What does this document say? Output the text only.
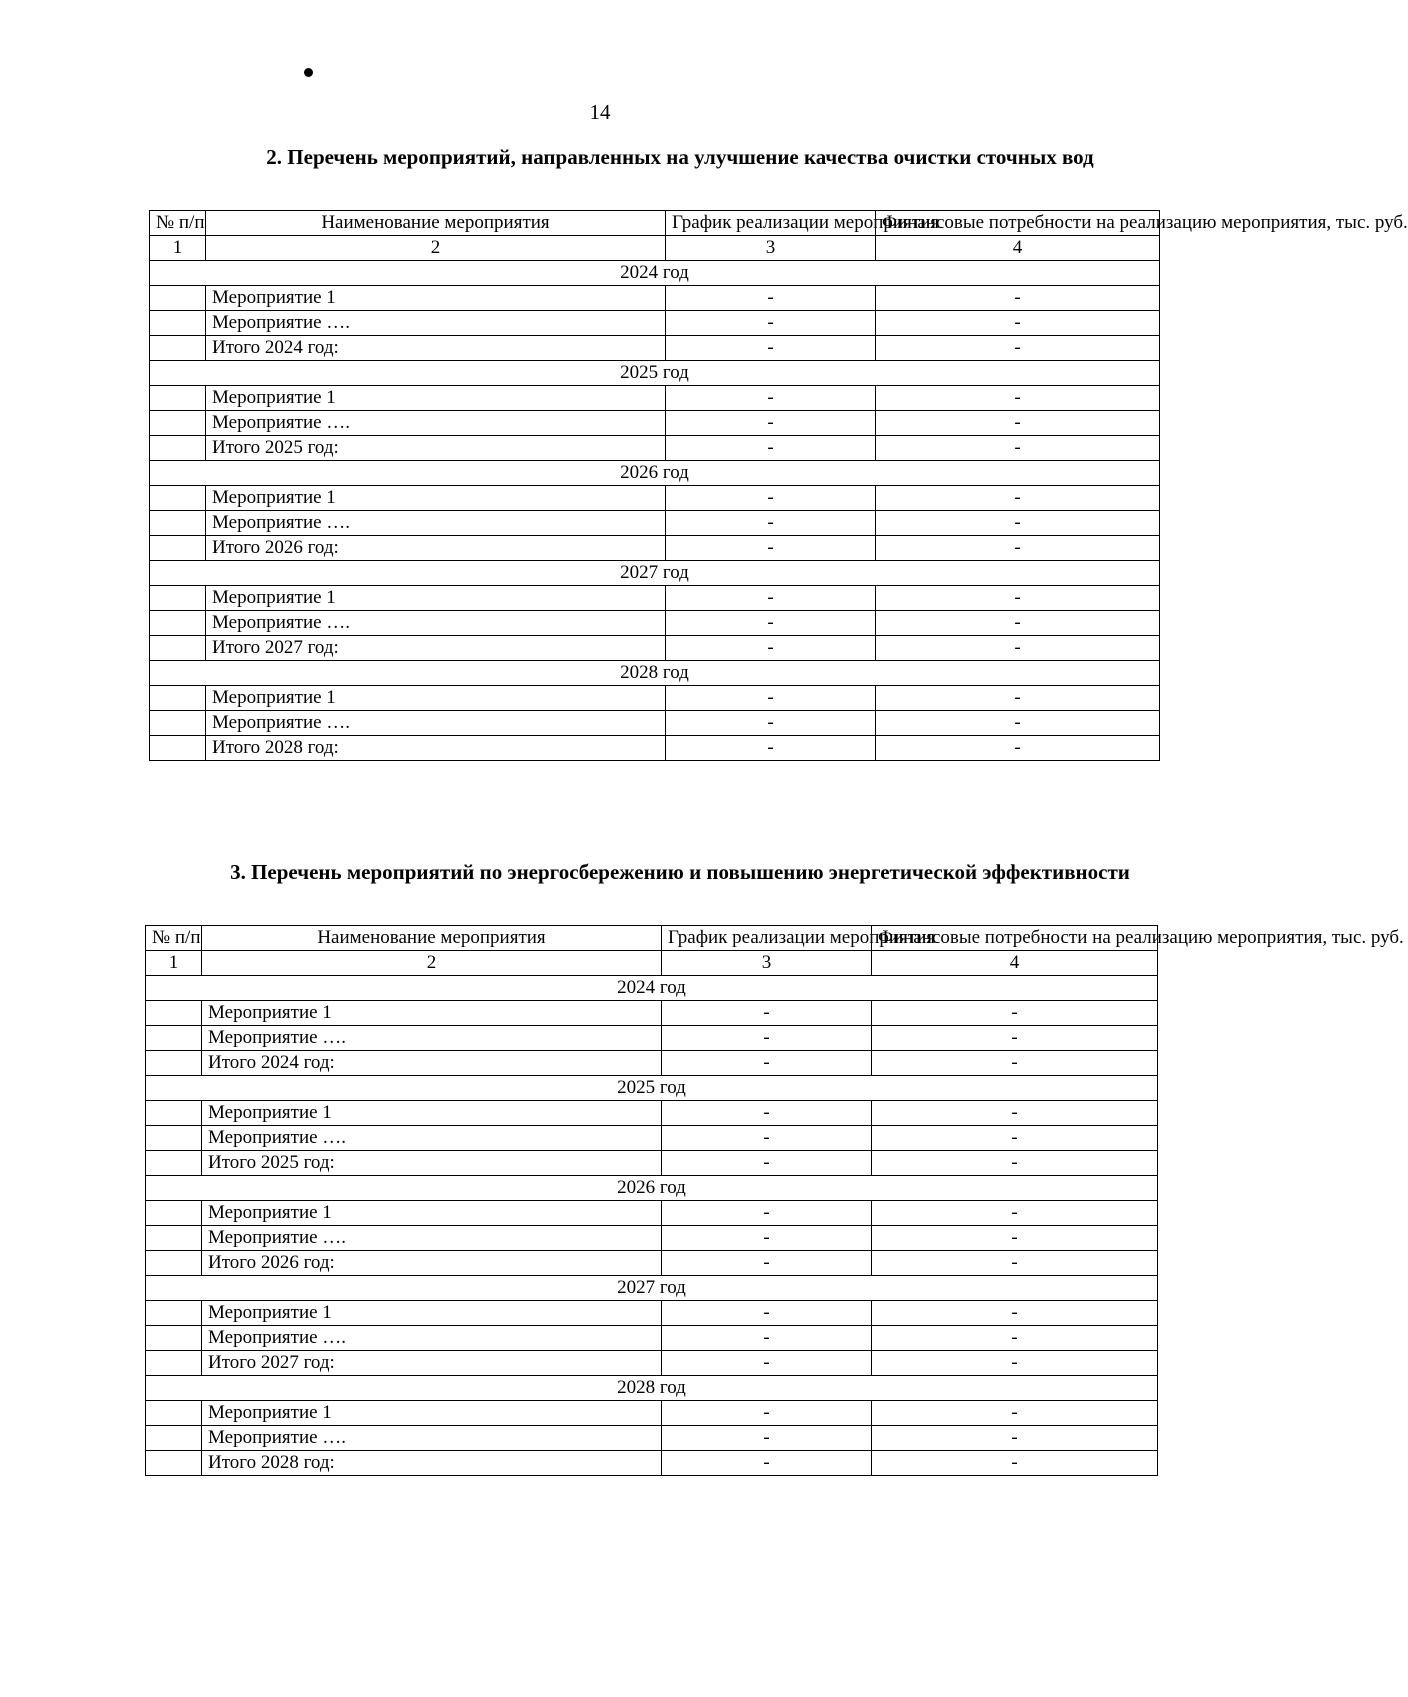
14
2. Перечень мероприятий, направленных на улучшение качества очистки сточных вод
№ п/п	Наименование мероприятия	График реализации мероприятия	Финансовые потребности на реализацию мероприятия, тыс. руб.
1	2	3	4
2024 год			
	Мероприятие 1	-	-
	Мероприятие ….	-	-
	Итого 2024 год:	-	-
2025 год			
	Мероприятие 1	-	-
	Мероприятие ….	-	-
	Итого 2025 год:	-	-
2026 год			
	Мероприятие 1	-	-
	Мероприятие ….	-	-
	Итого 2026 год:	-	-
2027 год			
	Мероприятие 1	-	-
	Мероприятие ….	-	-
	Итого 2027 год:	-	-
2028 год			
	Мероприятие 1	-	-
	Мероприятие ….	-	-
	Итого 2028 год:	-	-
3. Перечень мероприятий по энергосбережению и повышению энергетической эффективности
№ п/п	Наименование мероприятия	График реализации мероприятия	Финансовые потребности на реализацию мероприятия, тыс. руб.
1	2	3	4
2024 год			
	Мероприятие 1	-	-
	Мероприятие ….	-	-
	Итого 2024 год:	-	-
2025 год			
	Мероприятие 1	-	-
	Мероприятие ….	-	-
	Итого 2025 год:	-	-
2026 год			
	Мероприятие 1	-	-
	Мероприятие ….	-	-
	Итого 2026 год:	-	-
2027 год			
	Мероприятие 1	-	-
	Мероприятие ….	-	-
	Итого 2027 год:	-	-
2028 год			
	Мероприятие 1	-	-
	Мероприятие ….	-	-
	Итого 2028 год:	-	-
